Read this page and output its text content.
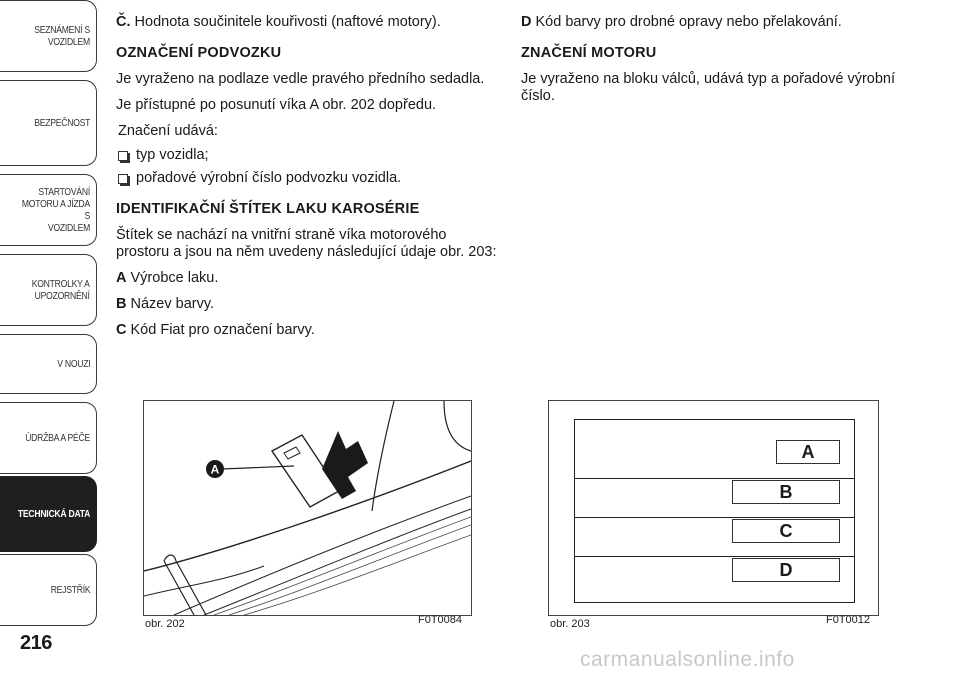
SEZNÁMENÍ S
VOZIDLEM
BEZPEČNOST
STARTOVÁNÍ
MOTORU A JÍZDA S
VOZIDLEM
KONTROLKY A
UPOZORNĚNÍ
V NOUZI
ÚDRŽBA A PÉČE
TECHNICKÁ DATA
REJSTŘÍK
216

Č. Hodnota součinitele kouřivosti (naftové motory).

OZNAČENÍ PODVOZKU

Je vyraženo na podlaze vedle pravého předního sedadla.

Je přístupné po posunutí víka A obr. 202 dopředu.

Značení udává:

typ vozidla;
pořadové výrobní číslo podvozku vozidla.
IDENTIFIKAČNÍ ŠTÍTEK LAKU KAROSÉRIE

Štítek se nachází na vnitřní straně víka motorového prostoru a jsou na něm uvedeny následující údaje obr. 203:

A Výrobce laku.

B Název barvy.

C Kód Fiat pro označení barvy.

D Kód barvy pro drobné opravy nebo přelakování.

ZNAČENÍ MOTORU

Je vyraženo na bloku válců, udává typ a pořadové výrobní číslo.

A
obr. 202	F0T0084
A
B
C
D
obr. 203	F0T0012
carmanualsonline.info
